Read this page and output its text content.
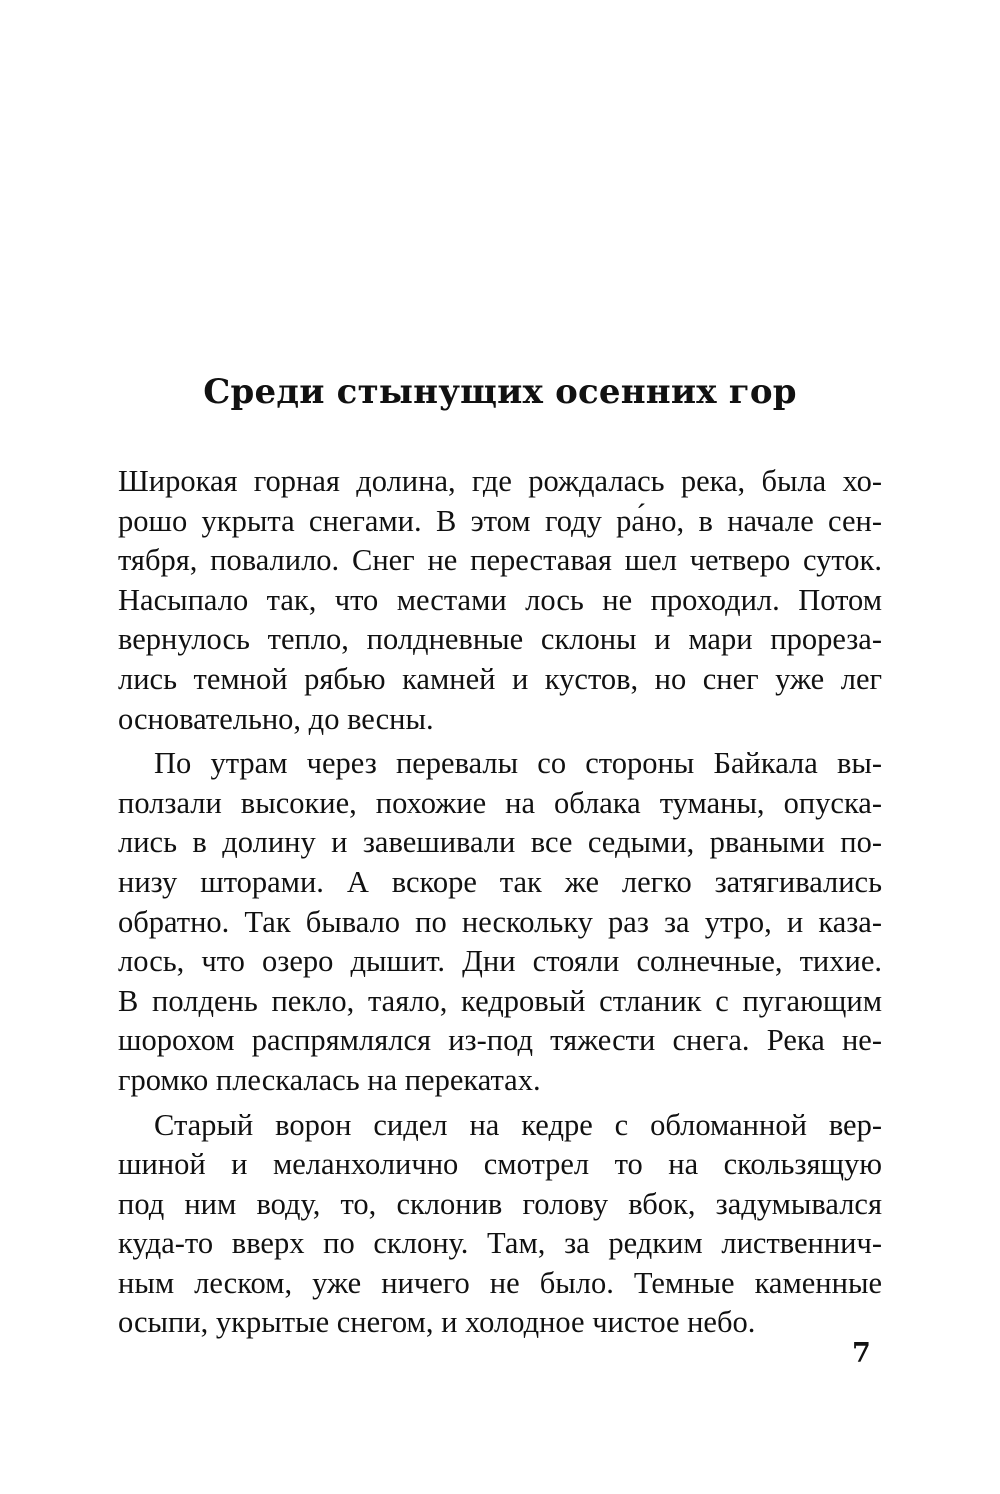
Среди стынущих осенних гор
Широкая горная долина, где рождалась река, была хо-
рошо укрыта снегами. В этом году ра́но, в начале сен-
тября, повалило. Снег не переставая шел четверо суток.
Насыпало так, что местами лось не проходил. Потом
вернулось тепло, полдневные склоны и мари прореза-
лись темной рябью камней и кустов, но снег уже лег
основательно, до весны.
По утрам через перевалы со стороны Байкала вы-
ползали высокие, похожие на облака туманы, опуска-
лись в долину и завешивали все седыми, рваными по-
низу шторами. А вскоре так же легко затягивались
обратно. Так бывало по нескольку раз за утро, и каза-
лось, что озеро дышит. Дни стояли солнечные, тихие.
В полдень пекло, таяло, кедровый стланик с пугающим
шорохом распрямлялся из-под тяжести снега. Река не-
громко плескалась на перекатах.
Старый ворон сидел на кедре с обломанной вер-
шиной и меланхолично смотрел то на скользящую
под ним воду, то, склонив голову вбок, задумывался
куда-то вверх по склону. Там, за редким лиственнич-
ным леском, уже ничего не было. Темные каменные
осыпи, укрытые снегом, и холодное чистое небо.
7
